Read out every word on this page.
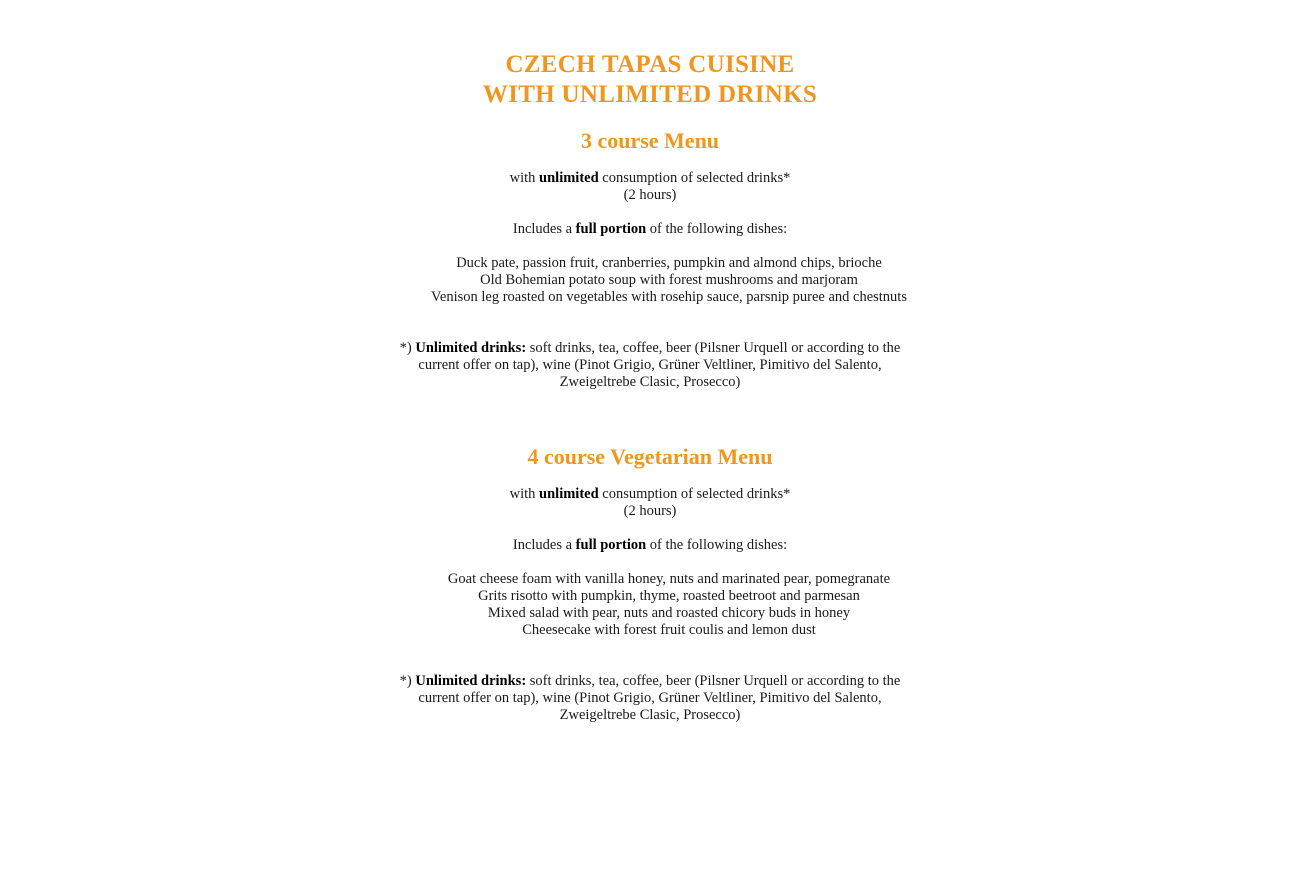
CZECH TAPAS CUISINE

WITH UNLIMITED DRINKS

3 course Menu

with unlimited consumption of selected drinks*

(2 hours)

Includes a full portion of the following dishes:

Duck pate, passion fruit, cranberries, pumpkin and almond chips, brioche

Old Bohemian potato soup with forest mushrooms and marjoram

Venison leg roasted on vegetables with rosehip sauce, parsnip puree and chestnuts

*) Unlimited drinks: soft drinks, tea, coffee, beer (Pilsner Urquell or according to the current offer on tap), wine (Pinot Grigio, Grüner Veltliner, Pimitivo del Salento, Zweigeltrebe Clasic, Prosecco)

4 course Vegetarian Menu

with unlimited consumption of selected drinks*

(2 hours)

Includes a full portion of the following dishes:

Goat cheese foam with vanilla honey, nuts and marinated pear, pomegranate

Grits risotto with pumpkin, thyme, roasted beetroot and parmesan

Mixed salad with pear, nuts and roasted chicory buds in honey

Cheesecake with forest fruit coulis and lemon dust

*) Unlimited drinks: soft drinks, tea, coffee, beer (Pilsner Urquell or according to the current offer on tap), wine (Pinot Grigio, Grüner Veltliner, Pimitivo del Salento, Zweigeltrebe Clasic, Prosecco)
